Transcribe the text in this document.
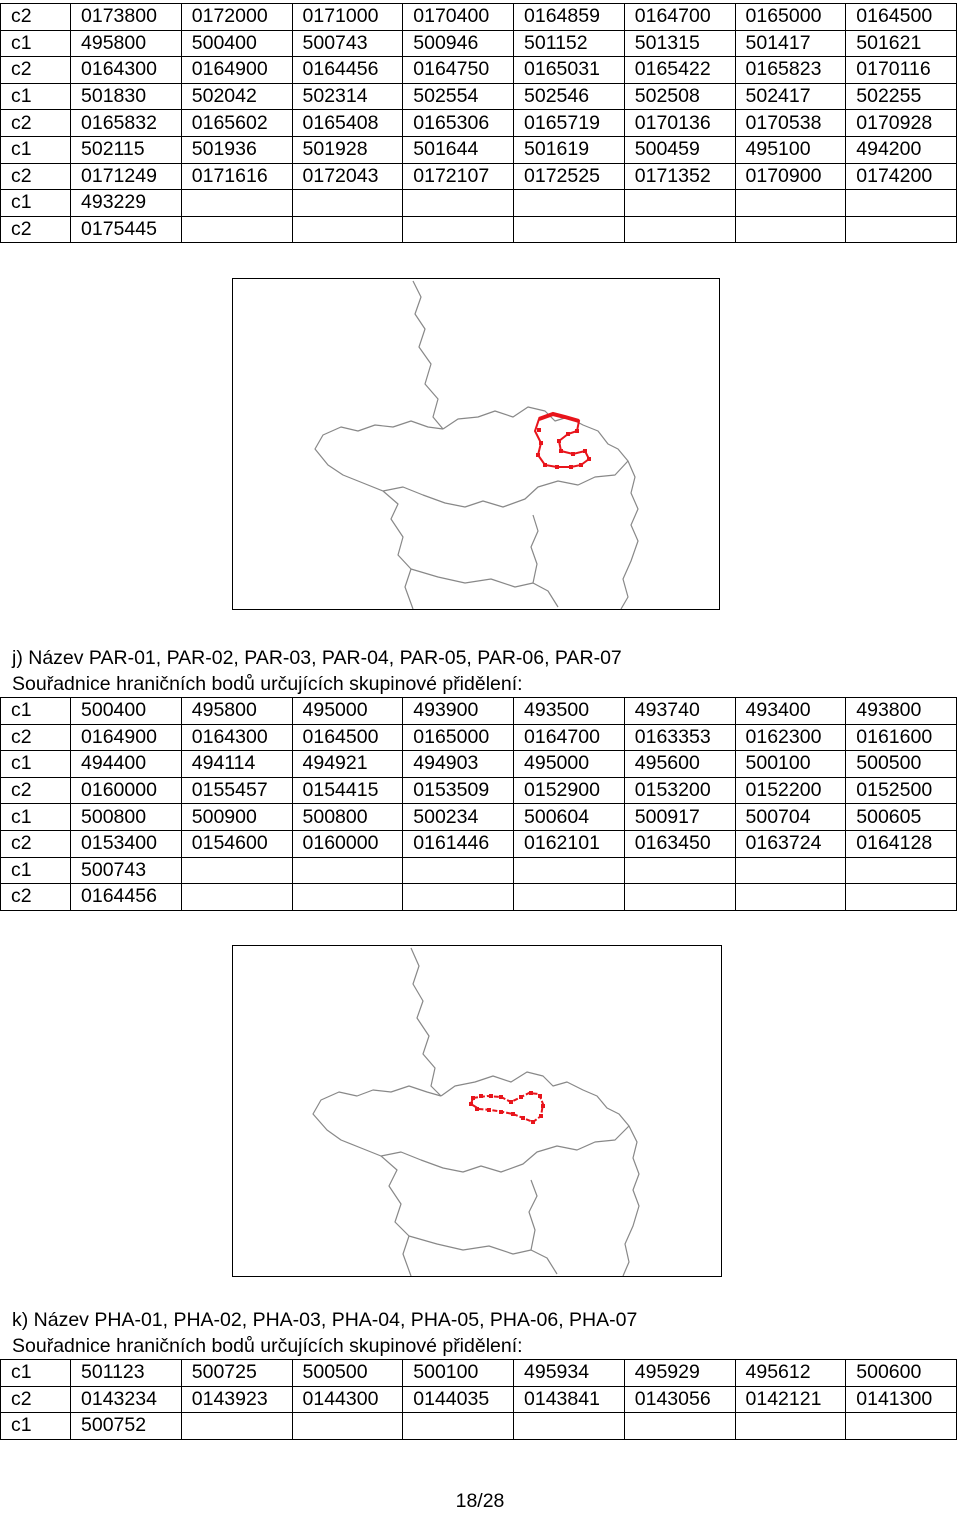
c2	0173800	0172000	0171000	0170400	0164859	0164700	0165000	0164500
c1	495800	500400	500743	500946	501152	501315	501417	501621
c2	0164300	0164900	0164456	0164750	0165031	0165422	0165823	0170116
c1	501830	502042	502314	502554	502546	502508	502417	502255
c2	0165832	0165602	0165408	0165306	0165719	0170136	0170538	0170928
c1	502115	501936	501928	501644	501619	500459	495100	494200
c2	0171249	0171616	0172043	0172107	0172525	0171352	0170900	0174200
c1	493229							
c2	0175445							
j) Název PAR-01, PAR-02, PAR-03, PAR-04, PAR-05, PAR-06, PAR-07
Souřadnice hraničních bodů určujících skupinové přidělení:
c1	500400	495800	495000	493900	493500	493740	493400	493800
c2	0164900	0164300	0164500	0165000	0164700	0163353	0162300	0161600
c1	494400	494114	494921	494903	495000	495600	500100	500500
c2	0160000	0155457	0154415	0153509	0152900	0153200	0152200	0152500
c1	500800	500900	500800	500234	500604	500917	500704	500605
c2	0153400	0154600	0160000	0161446	0162101	0163450	0163724	0164128
c1	500743							
c2	0164456							
k) Název PHA-01, PHA-02, PHA-03, PHA-04, PHA-05, PHA-06, PHA-07
Souřadnice hraničních bodů určujících skupinové přidělení:
c1	501123	500725	500500	500100	495934	495929	495612	500600
c2	0143234	0143923	0144300	0144035	0143841	0143056	0142121	0141300
c1	500752							
18/28
